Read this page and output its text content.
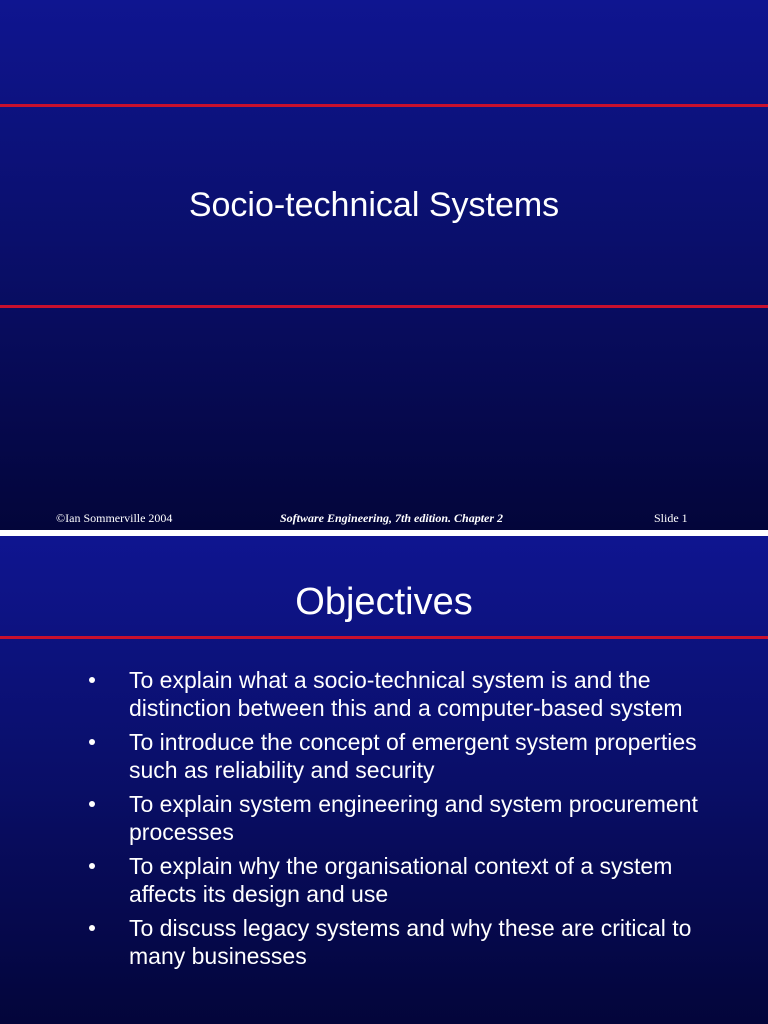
Socio-technical Systems
©Ian Sommerville 2004	Software Engineering, 7th edition. Chapter 2	Slide 1
Objectives
To explain what a socio-technical system is and the distinction between this and a computer-based system
To introduce the concept of emergent system properties such as reliability and security
To explain system engineering and system procurement processes
To explain why the organisational context of a system affects its design and use
To discuss legacy systems and why these are critical to many businesses
